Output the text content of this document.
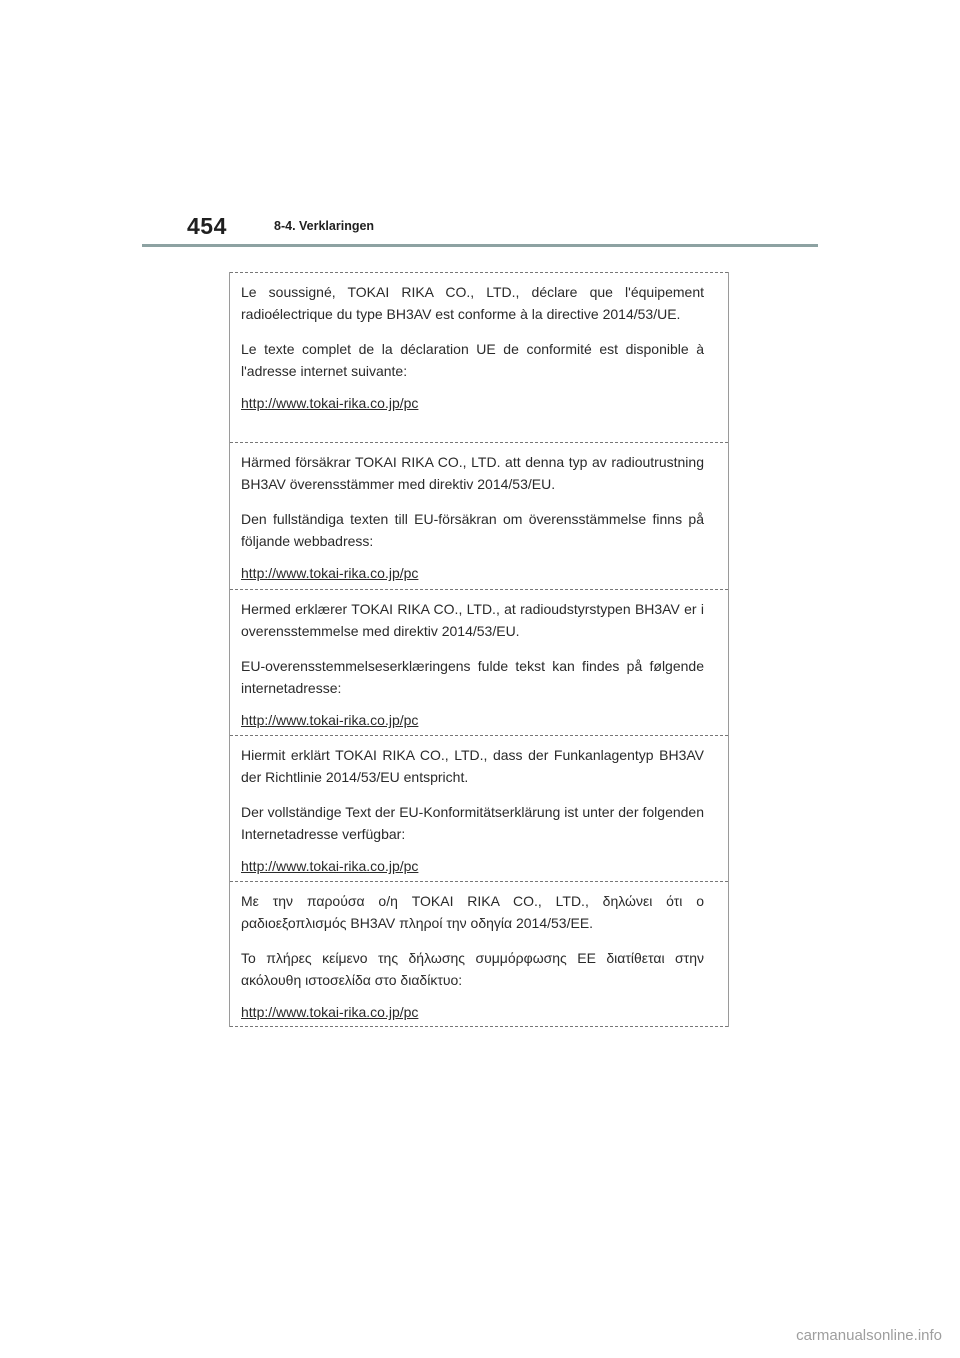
454	8-4. Verklaringen

Le soussigné, TOKAI RIKA CO., LTD., déclare que l'équipement radioélectrique du type BH3AV est conforme à la directive 2014/53/UE.

Le texte complet de la déclaration UE de conformité est disponible à l'adresse internet suivante:

http://www.tokai-rika.co.jp/pc

Härmed försäkrar TOKAI RIKA CO., LTD. att denna typ av radioutrustning BH3AV överensstämmer med direktiv 2014/53/EU.

Den fullständiga texten till EU-försäkran om överensstämmelse finns på följande webbadress:

http://www.tokai-rika.co.jp/pc

Hermed erklærer TOKAI RIKA CO., LTD., at radioudstyrstypen BH3AV er i overensstemmelse med direktiv 2014/53/EU.

EU-overensstemmelseserklæringens fulde tekst kan findes på følgende internetadresse:

http://www.tokai-rika.co.jp/pc

Hiermit erklärt TOKAI RIKA CO., LTD., dass der Funkanlagentyp BH3AV der Richtlinie 2014/53/EU entspricht.

Der vollständige Text der EU-Konformitätserklärung ist unter der folgenden Internetadresse verfügbar:

http://www.tokai-rika.co.jp/pc

Με την παρούσα ο/η TOKAI RIKA CO., LTD., δηλώνει ότι ο ραδιοεξοπλισμός BH3AV πληροί την οδηγία 2014/53/ΕΕ.

Το πλήρες κείμενο της δήλωσης συμμόρφωσης ΕΕ διατίθεται στην ακόλουθη ιστοσελίδα στο διαδίκτυο:

http://www.tokai-rika.co.jp/pc
carmanualsonline.info
